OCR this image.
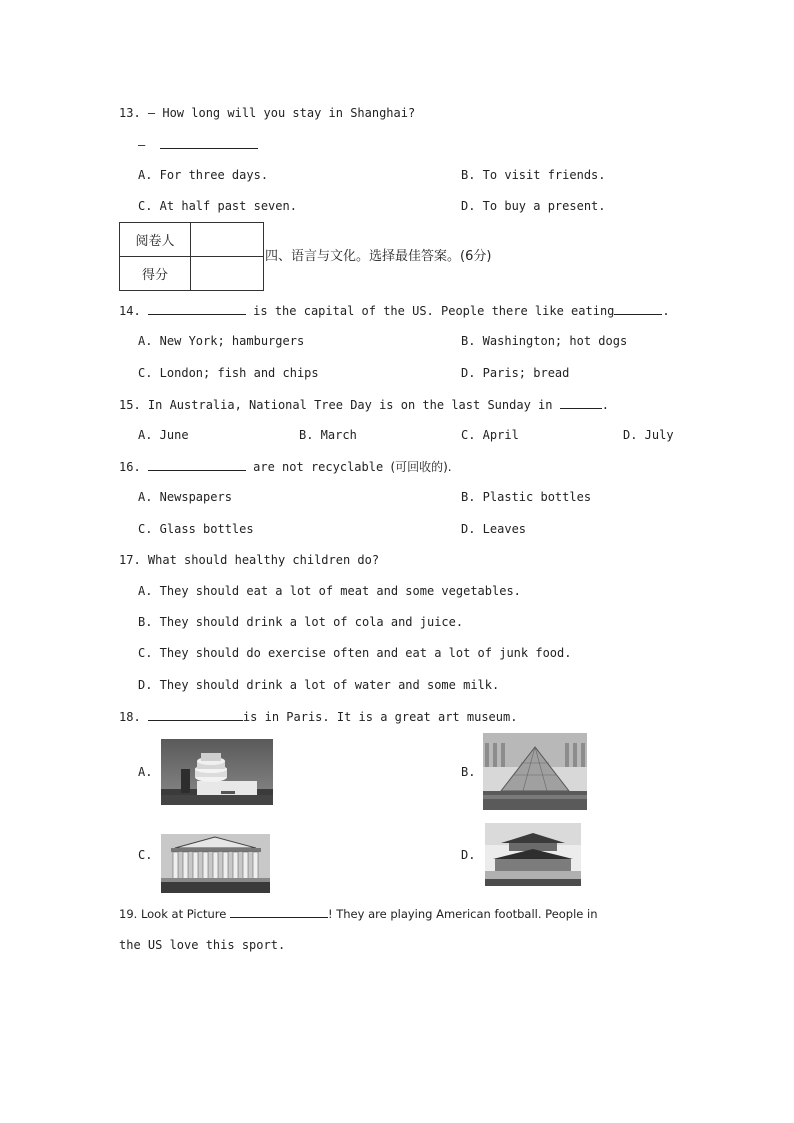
13. — How long will you stay in Shanghai?
—
A. For three days.	B. To visit friends.
C. At half past seven.	D. To buy a present.
阅卷人	
得分	
四、语言与文化。选择最佳答案。(6分)
14.	is the capital of the US. People there like eating	.
A. New York; hamburgers	B. Washington; hot dogs
C. London; fish and chips	D. Paris; bread
15. In Australia, National Tree Day is on the last Sunday in	.
A. June	B. March	C. April	D. July
16.	are not recyclable (可回收的).
A. Newspapers	B. Plastic bottles
C. Glass bottles	D. Leaves
17. What should healthy children do?
A. They should eat a lot of meat and some vegetables.
B. They should drink a lot of cola and juice.
C. They should do exercise often and eat a lot of junk food.
D. They should drink a lot of water and some milk.
18.	is in Paris. It is a great art museum.
A.	B.
C.	D.
19. Look at Picture	! They are playing American football. People in
the US love this sport.
